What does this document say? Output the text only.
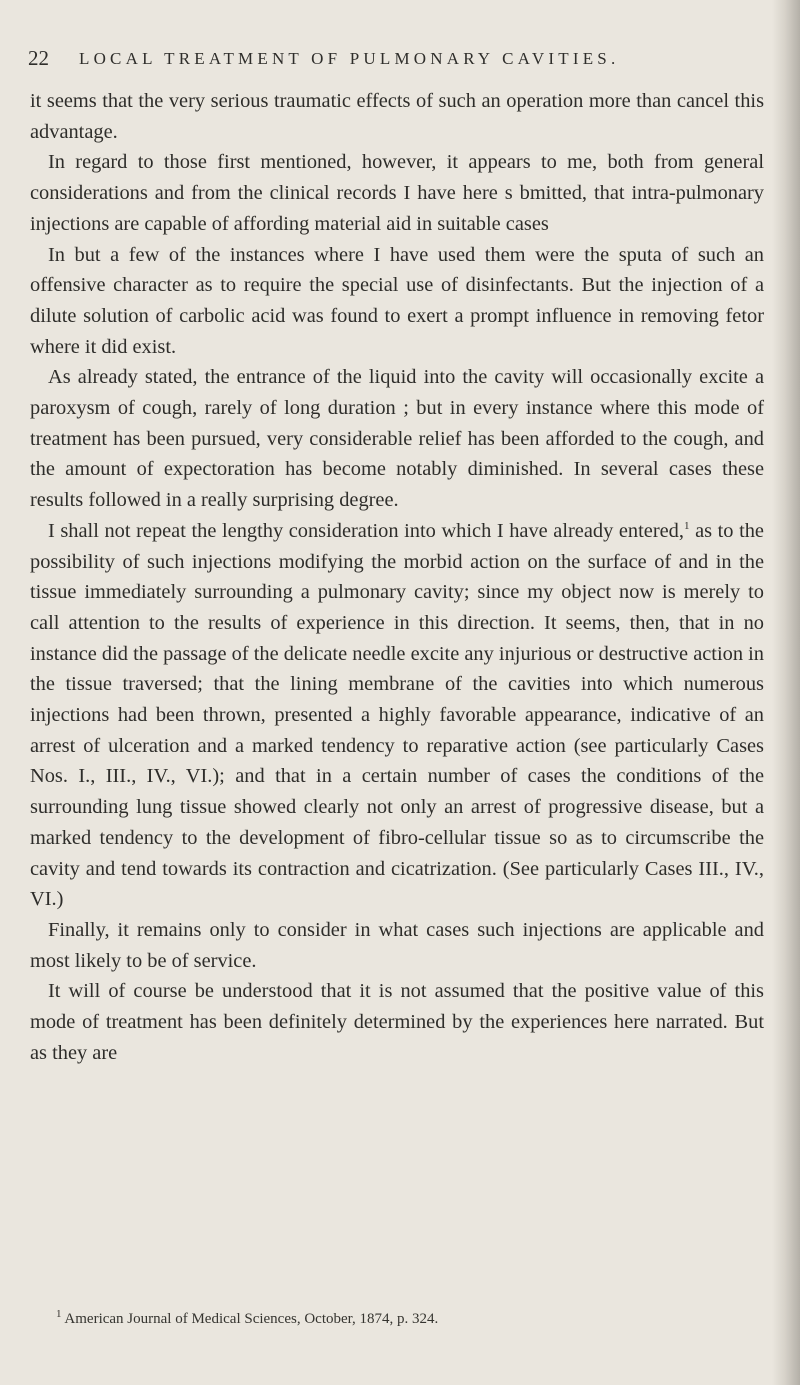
22 LOCAL TREATMENT OF PULMONARY CAVITIES.

it seems that the very serious traumatic effects of such an operation more than cancel this advantage.

In regard to those first mentioned, however, it appears to me, both from general considerations and from the clinical records I have here s bmitted, that intra-pulmonary injections are capable of affording material aid in suitable cases

In but a few of the instances where I have used them were the sputa of such an offensive character as to require the special use of disinfectants. But the injection of a dilute solution of carbolic acid was found to exert a prompt influence in removing fetor where it did exist.

As already stated, the entrance of the liquid into the cavity will occasionally excite a paroxysm of cough, rarely of long duration ; but in every instance where this mode of treatment has been pursued, very considerable relief has been afforded to the cough, and the amount of expectoration has become notably diminished. In several cases these results followed in a really surprising degree.

I shall not repeat the lengthy consideration into which I have already entered,$^1$ as to the possibility of such injections modifying the morbid action on the surface of and in the tissue immediately surrounding a pulmonary cavity; since my object now is merely to call attention to the results of experience in this direction. It seems, then, that in no instance did the passage of the delicate needle excite any injurious or destructive action in the tissue traversed; that the lining membrane of the cavities into which numerous injections had been thrown, presented a highly favorable appearance, indicative of an arrest of ulceration and a marked tendency to reparative action (see particularly Cases Nos. I., III., IV., VI.); and that in a certain number of cases the conditions of the surrounding lung tissue showed clearly not only an arrest of progressive disease, but a marked tendency to the development of fibro-cellular tissue so as to circumscribe the cavity and tend towards its contraction and cicatrization. (See particularly Cases III., IV., VI.)

Finally, it remains only to consider in what cases such injections are applicable and most likely to be of service.

It will of course be understood that it is not assumed that the positive value of this mode of treatment has been definitely determined by the experiences here narrated. But as they are

$^1$ American Journal of Medical Sciences, October, 1874, p. 324.
